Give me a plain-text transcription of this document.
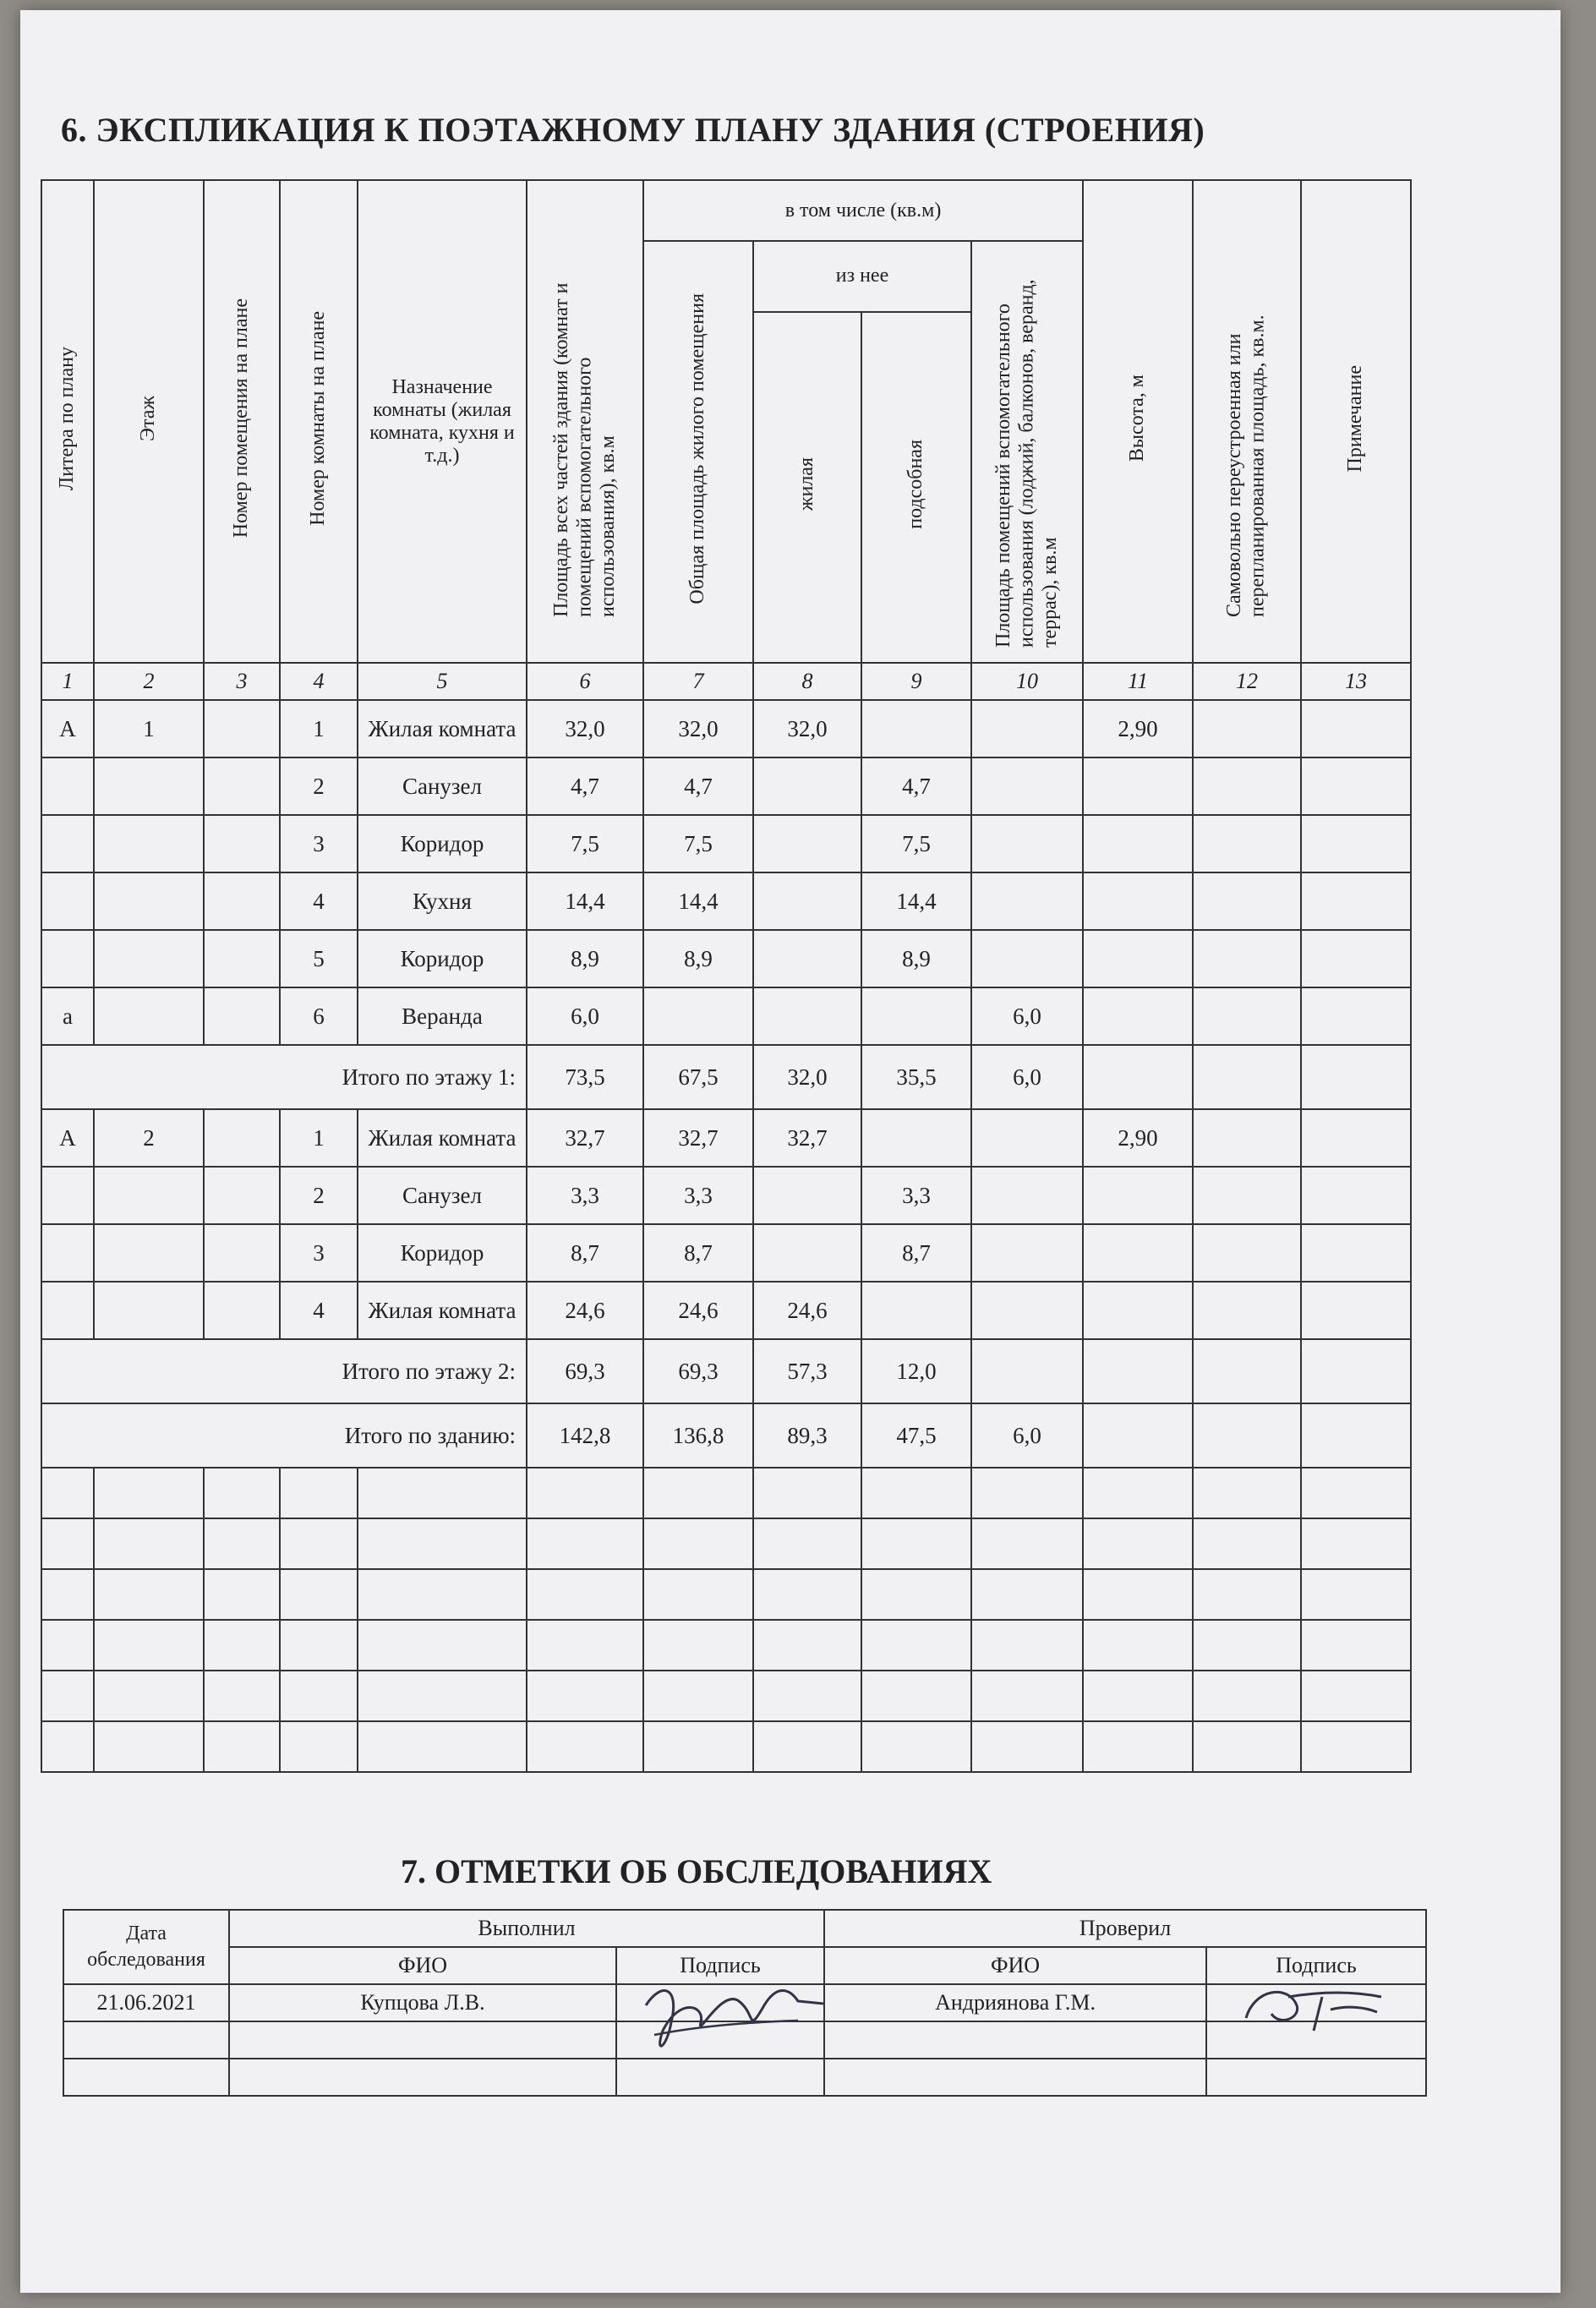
6. ЭКСПЛИКАЦИЯ К ПОЭТАЖНОМУ ПЛАНУ ЗДАНИЯ (СТРОЕНИЯ)
Литера по плану	Этаж	Номер помещения на плане	Номер комнаты на плане	Назначение комнаты (жилая комната, кухня и т.д.)	Площадь всех частей здания (комнат и помещений вспомогательного использования), кв.м	в том числе (кв.м)				Высота, м	Самовольно переустроенная или перепланированная площадь, кв.м.	Примечание
						Общая площадь жилого помещения	из нее		Площадь помещений вспомогательного использования (лоджий, балконов, веранд, террас), кв.м			
							жилая	подсобная				
1	2	3	4	5	6	7	8	9	10	11	12	13
А	1		1	Жилая комната	32,0	32,0	32,0			2,90		
			2	Санузел	4,7	4,7		4,7				
			3	Коридор	7,5	7,5		7,5				
			4	Кухня	14,4	14,4		14,4				
			5	Коридор	8,9	8,9		8,9				
а			6	Веранда	6,0				6,0			
Итого по этажу 1:					73,5	67,5	32,0	35,5	6,0			
А	2		1	Жилая комната	32,7	32,7	32,7			2,90		
			2	Санузел	3,3	3,3		3,3				
			3	Коридор	8,7	8,7		8,7				
			4	Жилая комната	24,6	24,6	24,6					
Итого по этажу 2:					69,3	69,3	57,3	12,0				
Итого по зданию:					142,8	136,8	89,3	47,5	6,0			

7. ОТМЕТКИ ОБ ОБСЛЕДОВАНИЯХ
Дата обследования	Выполнил		Проверил	
	ФИО	Подпись	ФИО	Подпись
21.06.2021	Купцова Л.В.		Андриянова Г.М.	
